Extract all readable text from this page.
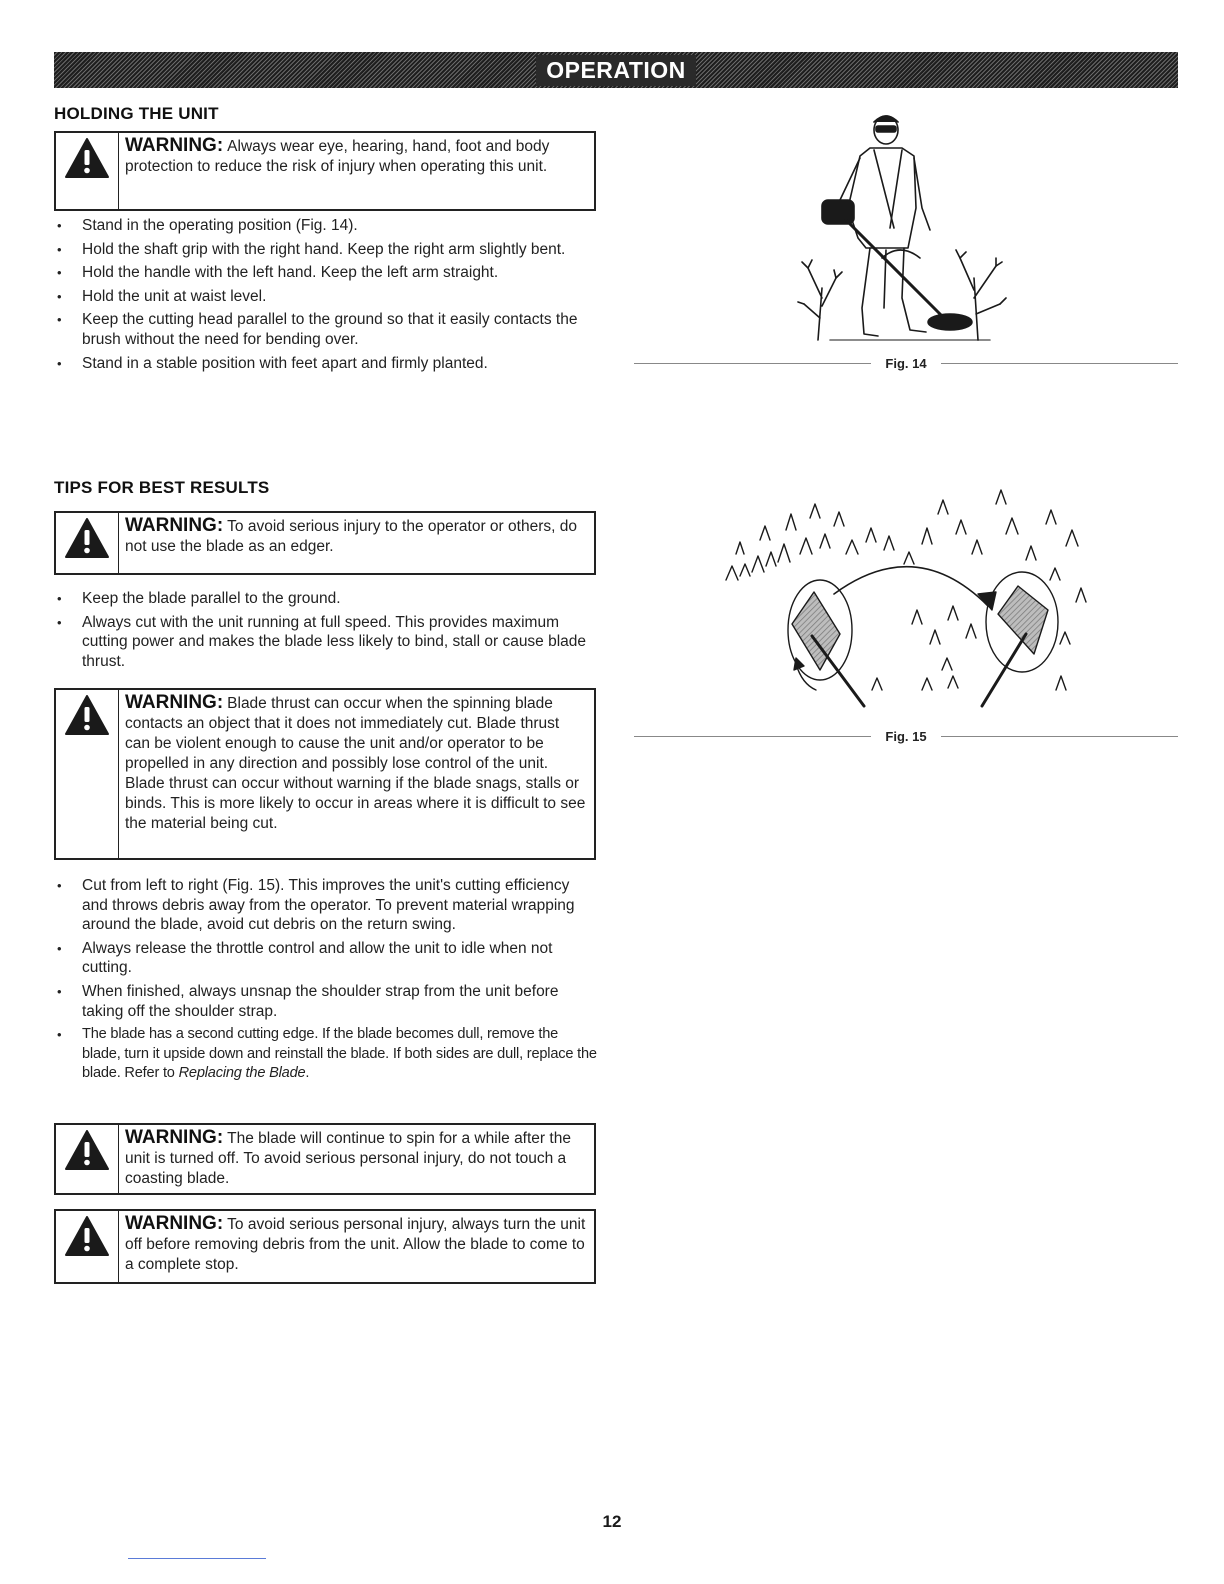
OPERATION
HOLDING THE UNIT
WARNING: Always wear eye, hearing, hand, foot and body protection to reduce the risk of injury when operating this unit.
• Stand in the operating position (Fig. 14).
• Hold the shaft grip with the right hand. Keep the right arm slightly bent.
• Hold the handle with the left hand. Keep the left arm straight.
• Hold the unit at waist level.
• Keep the cutting head parallel to the ground so that it easily contacts the brush without the need for bending over.
• Stand in a stable position with feet apart and firmly planted.	Fig. 14
TIPS FOR BEST RESULTS
WARNING: To avoid serious injury to the operator or others, do not use the blade as an edger.
• Keep the blade parallel to the ground.
• Always cut with the unit running at full speed. This provides maximum cutting power and makes the blade less likely to bind, stall or cause blade thrust.
WARNING: Blade thrust can occur when the spinning blade contacts an object that it does not immediately cut. Blade thrust can be violent enough to cause the unit and/or operator to be propelled in any direction and possibly lose control of the unit. Blade thrust can occur without warning if the blade snags, stalls or binds. This is more likely to occur in areas where it is difficult to see the material being cut.
• Cut from left to right (Fig. 15). This improves the unit's cutting efficiency and throws debris away from the operator. To prevent material wrapping around the blade, avoid cut debris on the return swing.
• Always release the throttle control and allow the unit to idle when not cutting.
• When finished, always unsnap the shoulder strap from the unit before taking off the shoulder strap.
• The blade has a second cutting edge. If the blade becomes dull, remove the blade, turn it upside down and reinstall the blade. If both sides are dull, replace the blade. Refer to Replacing the Blade.
WARNING: The blade will continue to spin for a while after the unit is turned off. To avoid serious personal injury, do not touch a coasting blade.
WARNING: To avoid serious personal injury, always turn the unit off before removing debris from the unit. Allow the blade to come to a complete stop.
Fig. 15
12
